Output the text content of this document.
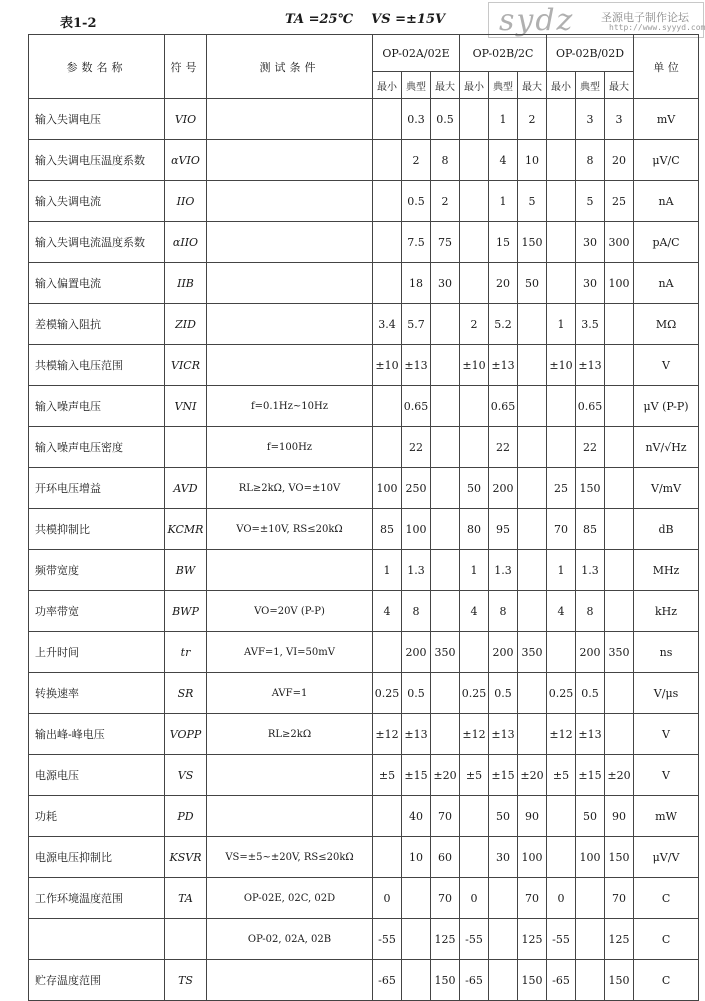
表1-2	TA =25℃ VS =±15V sydz 圣源电子制作论坛
http://www.syyyd.com
参数名称	符号	测试条件	OP-02A/02E			OP-02B/2C			OP-02B/02D			单 位
			最小	典型	最大	最小	典型	最大	最小	典型	最大	
输入失调电压	VIO			0.3	0.5		1	2		3	3	mV
输入失调电压温度系数	αVIO			2	8		4	10		8	20	μV/C
输入失调电流	IIO			0.5	2		1	5		5	25	nA
输入失调电流温度系数	αIIO			7.5	75		15	150		30	300	pA/C
输入偏置电流	IIB			18	30		20	50		30	100	nA
差模输入阻抗	ZID		3.4	5.7		2	5.2		1	3.5		MΩ
共模输入电压范围	VICR		±10	±13		±10	±13		±10	±13		V
输入噪声电压	VNI	f=0.1Hz~10Hz		0.65			0.65			0.65		μV (P-P)
输入噪声电压密度		f=100Hz		22			22			22		nV/√Hz
开环电压增益	AVD	RL≥2kΩ, VO=±10V	100	250		50	200		25	150		V/mV
共模抑制比	KCMR	VO=±10V, RS≤20kΩ	85	100		80	95		70	85		dB
频带宽度	BW		1	1.3		1	1.3		1	1.3		MHz
功率带宽	BWP	VO=20V (P-P)	4	8		4	8		4	8		kHz
上升时间	tr	AVF=1, VI=50mV		200	350		200	350		200	350	ns
转换速率	SR	AVF=1	0.25	0.5		0.25	0.5		0.25	0.5		V/μs
输出峰-峰电压	VOPP	RL≥2kΩ	±12	±13		±12	±13		±12	±13		V
电源电压	VS		±5	±15	±20	±5	±15	±20	±5	±15	±20	V
功耗	PD			40	70		50	90		50	90	mW
电源电压抑制比	KSVR	VS=±5~±20V, RS≤20kΩ		10	60		30	100		100	150	μV/V
工作环境温度范围	TA	OP-02E, 02C, 02D	0		70	0		70	0		70	C
		OP-02, 02A, 02B	-55		125	-55		125	-55		125	C
贮存温度范围	TS		-65		150	-65		150	-65		150	C
